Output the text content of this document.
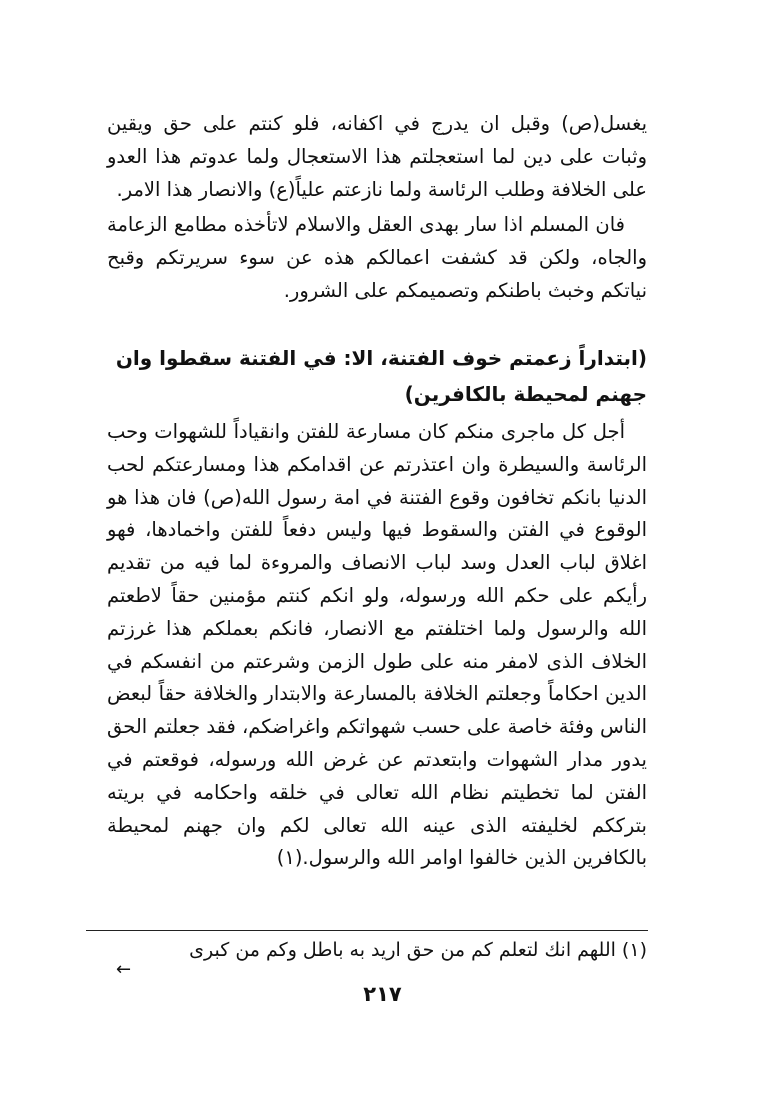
يغسل(ص) وقبل ان يدرج في اكفانه، فلو كنتم على حق ويقين وثبات على دين لما استعجلتم هذا الاستعجال ولما عدوتم هذا العدو على الخلافة وطلب الرئاسة ولما نازعتم علياً(ع) والانصار هذا الامر.

فان المسلم اذا سار بهدى العقل والاسلام لاتأخذه مطامع الزعامة والجاه، ولكن قد كشفت اعمالكم هذه عن سوء سريرتكم وقبح نياتكم وخبث باطنكم وتصميمكم على الشرور.

(ابتداراً زعمتم خوف الفتنة، الا: في الفتنة سقطوا وان جهنم لمحيطة بالكافرين)

أجل كل ماجرى منكم كان مسارعة للفتن وانقياداً للشهوات وحب الرئاسة والسيطرة وان اعتذرتم عن اقدامكم هذا ومسارعتكم لحب الدنيا بانكم تخافون وقوع الفتنة في امة رسول الله(ص) فان هذا هو الوقوع في الفتن والسقوط فيها وليس دفعاً للفتن واخمادها، فهو اغلاق لباب العدل وسد لباب الانصاف والمروءة لما فيه من تقديم رأيكم على حكم الله ورسوله، ولو انكم كنتم مؤمنين حقاً لاطعتم الله والرسول ولما اختلفتم مع الانصار، فانكم بعملكم هذا غرزتم الخلاف الذى لامفر منه على طول الزمن وشرعتم من انفسكم في الدين احكاماً وجعلتم الخلافة بالمسارعة والابتدار والخلافة حقاً لبعض الناس وفئة خاصة على حسب شهواتكم واغراضكم، فقد جعلتم الحق يدور مدار الشهوات وابتعدتم عن غرض الله ورسوله، فوقعتم في الفتن لما تخطيتم نظام الله تعالى في خلقه واحكامه في بريته بترككم لخليفته الذى عينه الله تعالى لكم وان جهنم لمحيطة بالكافرين الذين خالفوا اوامر الله والرسول.(١)

(١) اللهم انك لتعلم كم من حق اريد به باطل وكم من كبرى

←
٢١٧
